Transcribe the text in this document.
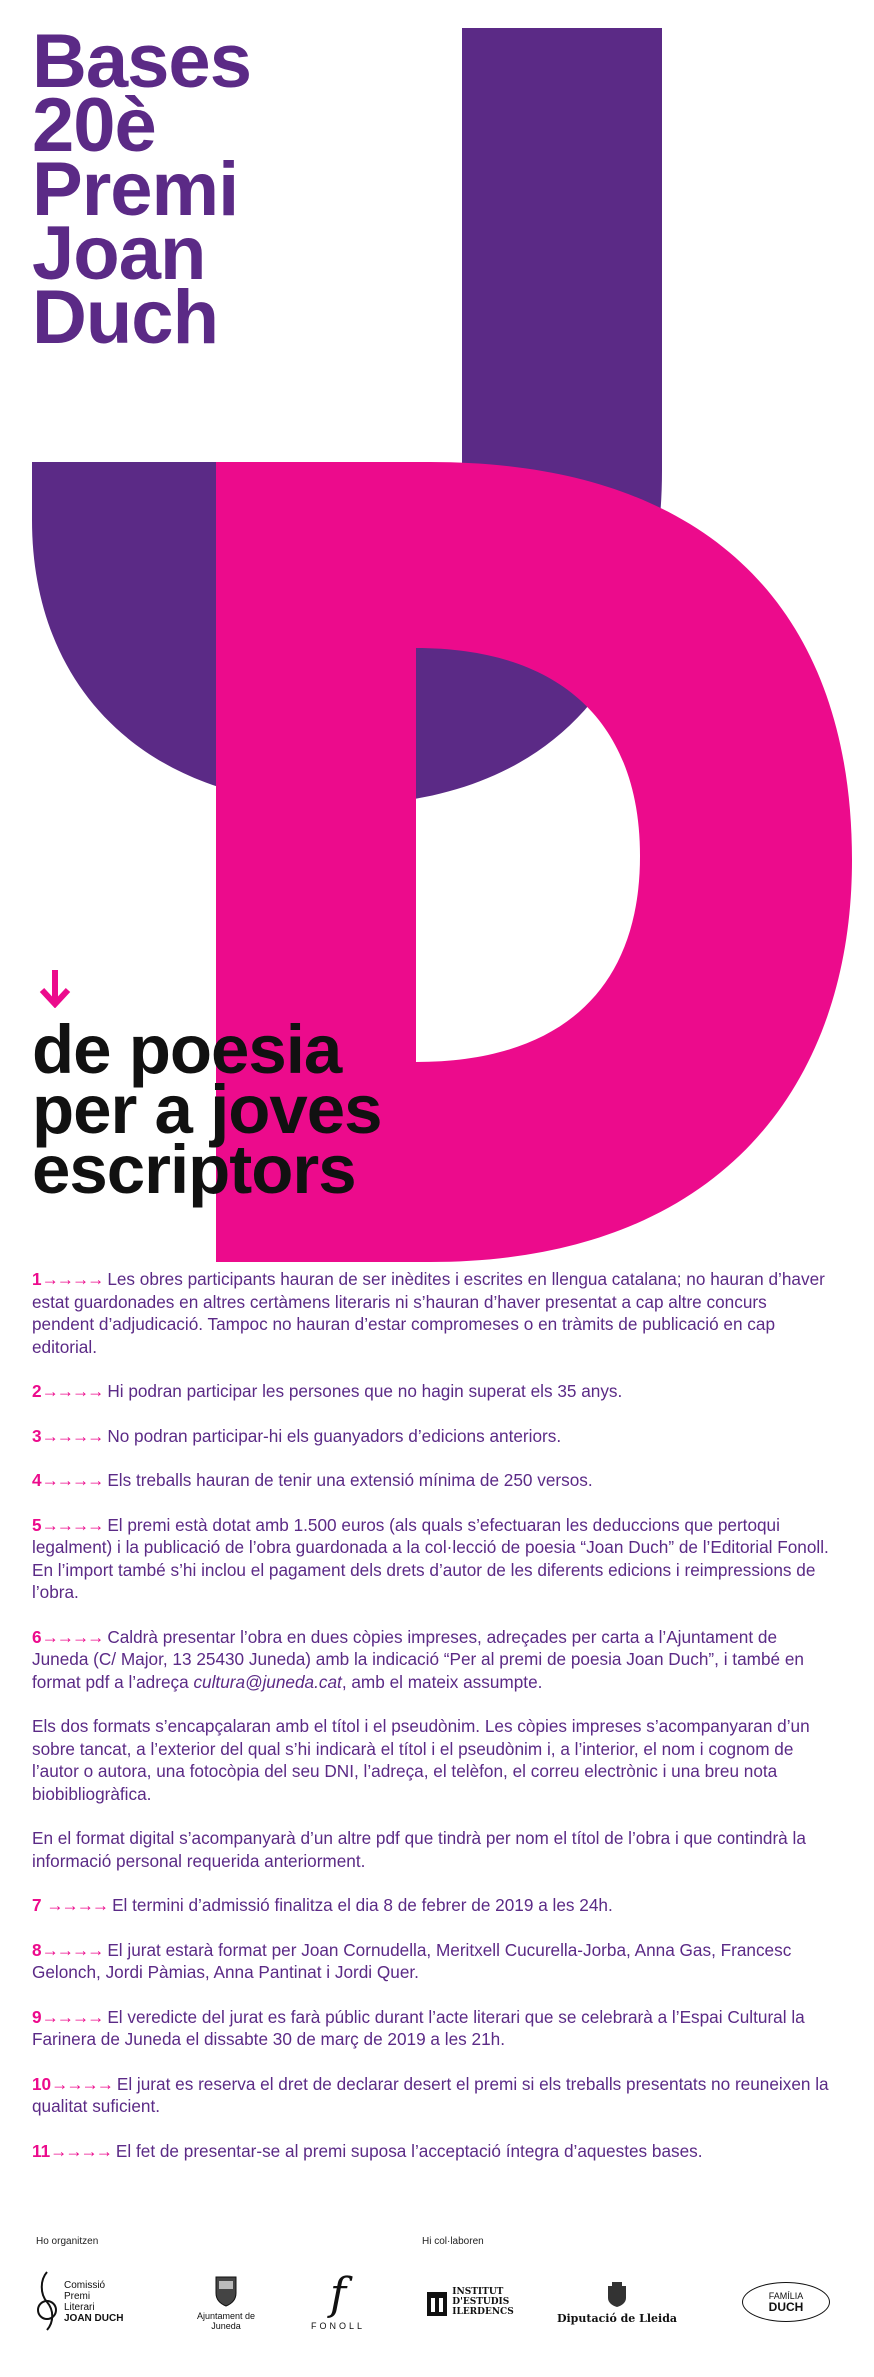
Bases
20è
Premi
Joan
Duch
de poesia
per a joves
escriptors
1→→→→ Les obres participants hauran de ser inèdites i escrites en llengua catalana; no hauran d’haver estat guardonades en altres certàmens literaris ni s’hauran d’haver presentat a cap altre concurs pendent d’adjudicació. Tampoc no hauran d’estar compromeses o en tràmits de publicació en cap editorial.
2→→→→ Hi podran participar les persones que no hagin superat els 35 anys.
3→→→→ No podran participar-hi els guanyadors d’edicions anteriors.
4→→→→ Els treballs hauran de tenir una extensió mínima de 250 versos.
5→→→→ El premi està dotat amb 1.500 euros (als quals s’efectuaran les deduccions que pertoqui legalment) i la publicació de l’obra guardonada a la col·lecció de poesia “Joan Duch” de l’Editorial Fonoll. En l’import també s’hi inclou el pagament dels drets d’autor de les diferents edicions i reimpressions de l’obra.
6→→→→ Caldrà presentar l’obra en dues còpies impreses, adreçades per carta a l’Ajuntament de Juneda (C/ Major, 13 25430 Juneda) amb la indicació “Per al premi de poesia Joan Duch”, i també en format pdf a l’adreça cultura@juneda.cat, amb el mateix assumpte.
Els dos formats s’encapçalaran amb el títol i el pseudònim. Les còpies impreses s’acompanyaran d’un sobre tancat, a l’exterior del qual s’hi indicarà el títol i el pseudònim i, a l’interior, el nom i cognom de l’autor o autora, una fotocòpia del seu DNI, l’adreça, el telèfon, el correu electrònic i una breu nota biobibliogràfica.
En el format digital s’acompanyarà d’un altre pdf que tindrà per nom el títol de l’obra i que contindrà la informació personal requerida anteriorment.
7 →→→→ El termini d’admissió finalitza el dia 8 de febrer de 2019 a les 24h.
8→→→→ El jurat estarà format per Joan Cornudella, Meritxell Cucurella-Jorba, Anna Gas, Francesc Gelonch, Jordi Pàmias, Anna Pantinat i Jordi Quer.
9→→→→ El veredicte del jurat es farà públic durant l’acte literari que se celebrarà a l’Espai Cultural la Farinera de Juneda el dissabte 30 de març de 2019 a les 21h.
10→→→→ El jurat es reserva el dret de declarar desert el premi si els treballs presentats no reuneixen la qualitat suficient.
11→→→→ El fet de presentar-se al premi suposa l’acceptació íntegra d’aquestes bases.
Ho organitzen	Hi col·laboren
Comissió
Premi
Literari
JOAN DUCH	Ajuntament de
Juneda
f
FONOLL
INSTITUT
D'ESTUDIS
ILERDENCS	Diputació de Lleida
FAMÍLIA
DUCH
